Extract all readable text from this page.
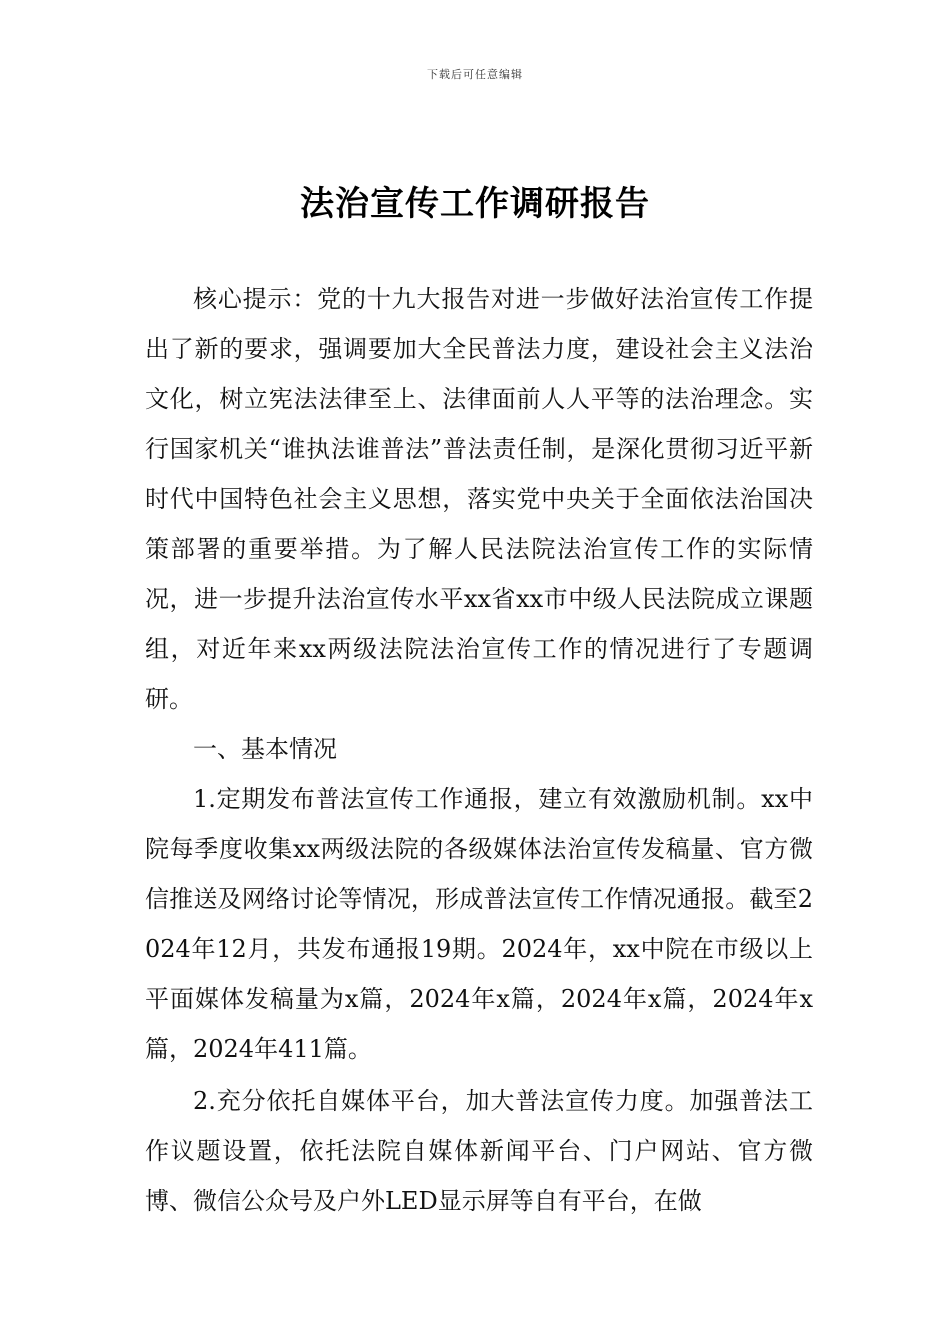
下载后可任意编辑
法治宣传工作调研报告

核心提示：党的十九大报告对进一步做好法治宣传工作提出了新的要求，强调要加大全民普法力度，建设社会主义法治文化，树立宪法法律至上、法律面前人人平等的法治理念。实行国家机关“谁执法谁普法”普法责任制，是深化贯彻习近平新时代中国特色社会主义思想，落实党中央关于全面依法治国决策部署的重要举措。为了解人民法院法治宣传工作的实际情况，进一步提升法治宣传水平xx省xx市中级人民法院成立课题组，对近年来xx两级法院法治宣传工作的情况进行了专题调研。

一、基本情况

1.定期发布普法宣传工作通报，建立有效激励机制。xx中院每季度收集xx两级法院的各级媒体法治宣传发稿量、官方微信推送及网络讨论等情况，形成普法宣传工作情况通报。截至2024年12月，共发布通报19期。2024年，xx中院在市级以上平面媒体发稿量为x篇，2024年x篇，2024年x篇，2024年x篇，2024年411篇。

2.充分依托自媒体平台，加大普法宣传力度。加强普法工作议题设置，依托法院自媒体新闻平台、门户网站、官方微博、微信公众号及户外LED显示屏等自有平台，在做
